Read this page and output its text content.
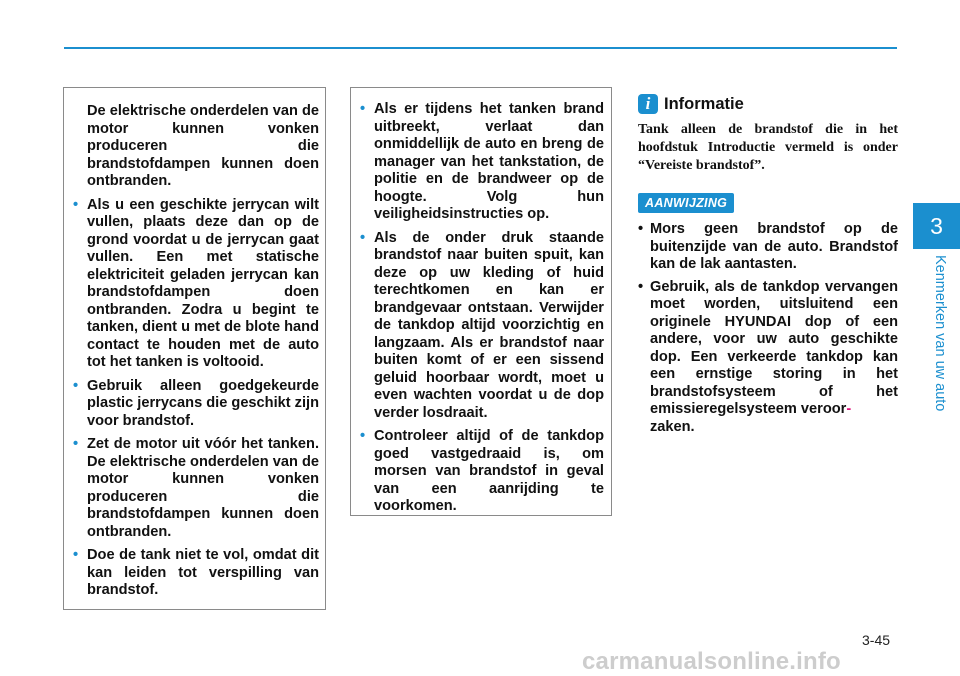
De elektrische onderdelen van de motor kunnen vonken produceren die brandstofdampen kunnen doen ontbranden.

• Als u een geschikte jerrycan wilt vullen, plaats deze dan op de grond voordat u de jerrycan gaat vullen. Een met statische elektriciteit geladen jerrycan kan brandstofdampen doen ontbranden. Zodra u begint te tanken, dient u met de blote hand contact te houden met de auto tot het tanken is voltooid.
• Gebruik alleen goedgekeurde plastic jerrycans die geschikt zijn voor brandstof.
• Zet de motor uit vóór het tanken. De elektrische onderdelen van de motor kunnen vonken produceren die brandstofdampen kunnen doen ontbranden.
• Doe de tank niet te vol, omdat dit kan leiden tot verspilling van brandstof.
• Als er tijdens het tanken brand uitbreekt, verlaat dan onmiddellijk de auto en breng de manager van het tankstation, de politie en de brandweer op de hoogte. Volg hun veiligheidsinstructies op.
• Als de onder druk staande brandstof naar buiten spuit, kan deze op uw kleding of huid terechtkomen en kan er brandgevaar ontstaan. Verwijder de tankdop altijd voorzichtig en langzaam. Als er brandstof naar buiten komt of er een sissend geluid hoorbaar wordt, moet u even wachten voordat u de dop verder losdraait.
• Controleer altijd of de tankdop goed vastgedraaid is, om morsen van brandstof in geval van een aanrijding te voorkomen.
i Informatie

Tank alleen de brandstof die in het hoofdstuk Introductie vermeld is onder “Vereiste brandstof”.

AANWIJZING
• Mors geen brandstof op de buitenzijde van de auto. Brandstof kan de lak aantasten.
• Gebruik, als de tankdop vervangen moet worden, uitsluitend een originele HYUNDAI dop of een andere, voor uw auto geschikte dop. Een verkeerde tankdop kan een ernstige storing in het brandstofsysteem of het emissieregelsysteem veroor-
zaken.
3
Kenmerken van uw auto
3-45
carmanualsonline.info
